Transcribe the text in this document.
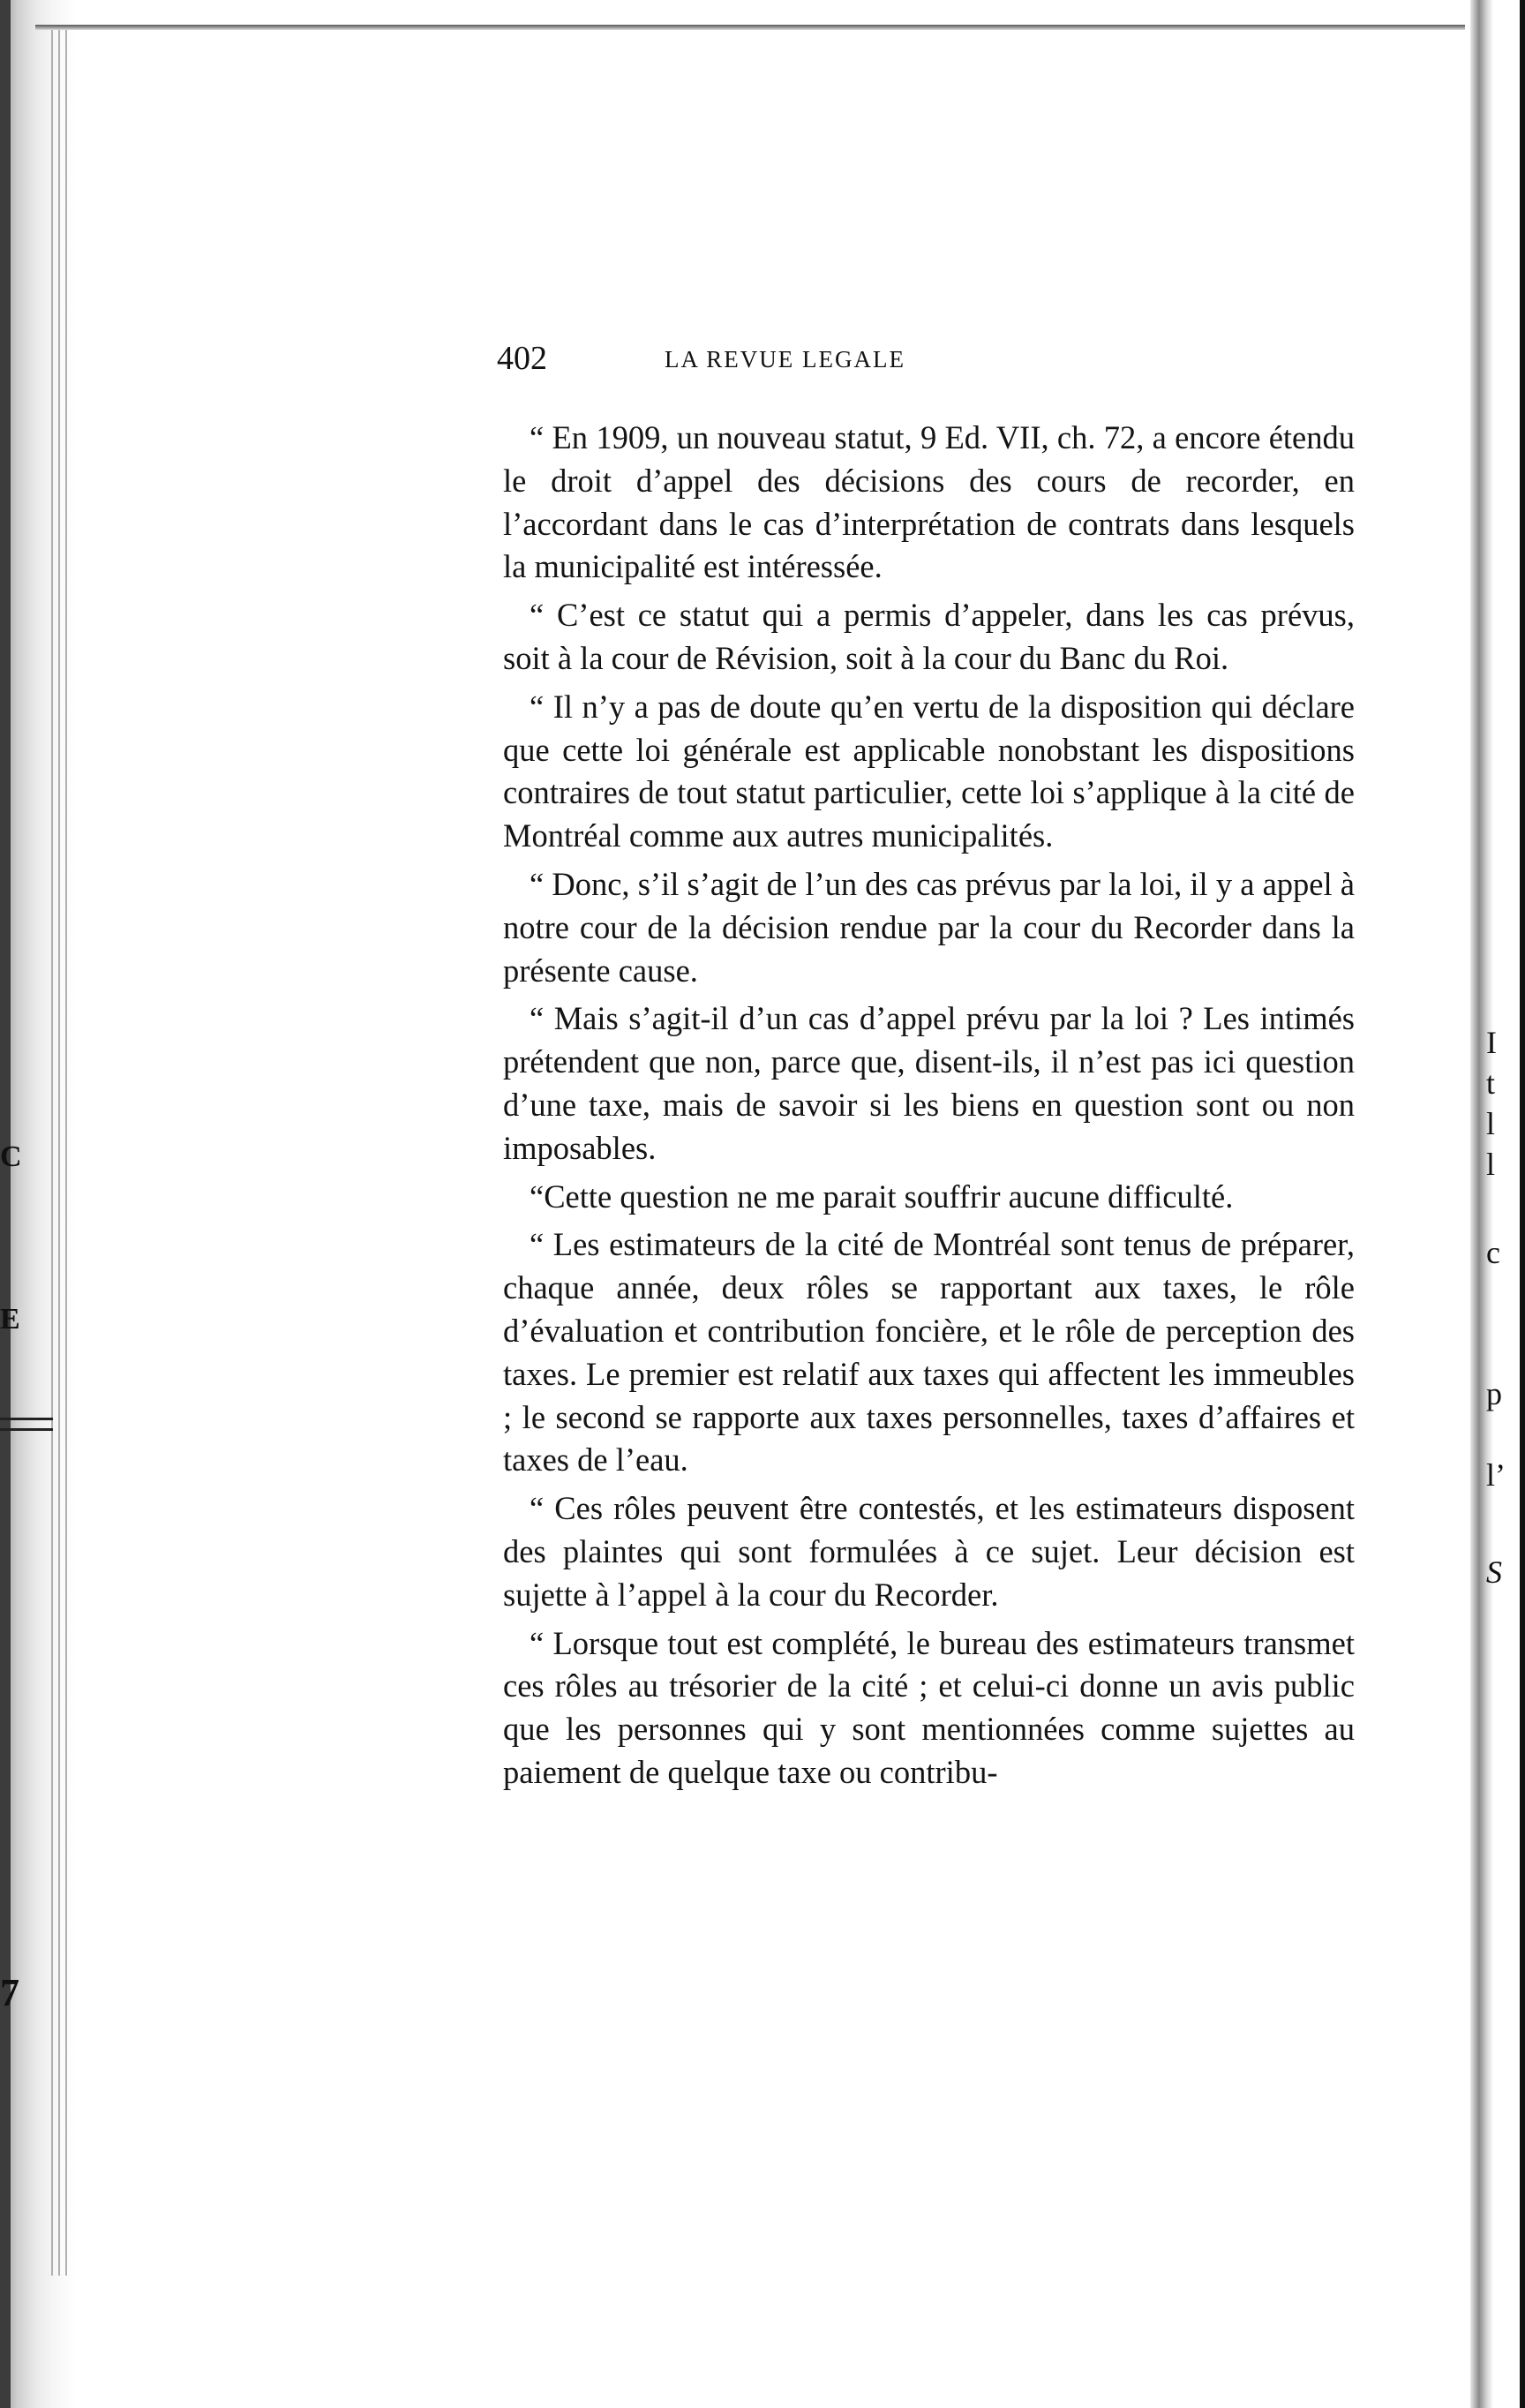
C
E
7
I
t
l
l
c
p
l’
S
402	LA REVUE LEGALE

“ En 1909, un nouveau statut, 9 Ed. VII, ch. 72, a encore étendu le droit d’appel des décisions des cours de recorder, en l’accordant dans le cas d’interprétation de contrats dans lesquels la municipalité est intéressée.

“ C’est ce statut qui a permis d’appeler, dans les cas prévus, soit à la cour de Révision, soit à la cour du Banc du Roi.

“ Il n’y a pas de doute qu’en vertu de la disposition qui déclare que cette loi générale est applicable nonobstant les dispositions contraires de tout statut particulier, cette loi s’applique à la cité de Montréal comme aux autres municipalités.

“ Donc, s’il s’agit de l’un des cas prévus par la loi, il y a appel à notre cour de la décision rendue par la cour du Recorder dans la présente cause.

“ Mais s’agit-il d’un cas d’appel prévu par la loi ? Les intimés prétendent que non, parce que, disent-ils, il n’est pas ici question d’une taxe, mais de savoir si les biens en question sont ou non imposables.

“Cette question ne me parait souffrir aucune difficulté.

“ Les estimateurs de la cité de Montréal sont tenus de préparer, chaque année, deux rôles se rapportant aux taxes, le rôle d’évaluation et contribution foncière, et le rôle de perception des taxes. Le premier est relatif aux taxes qui affectent les immeubles ; le second se rapporte aux taxes personnelles, taxes d’affaires et taxes de l’eau.

“ Ces rôles peuvent être contestés, et les estimateurs disposent des plaintes qui sont formulées à ce sujet. Leur décision est sujette à l’appel à la cour du Recorder.

“ Lorsque tout est complété, le bureau des estimateurs transmet ces rôles au trésorier de la cité ; et celui-ci donne un avis public que les personnes qui y sont mentionnées comme sujettes au paiement de quelque taxe ou contribu-
